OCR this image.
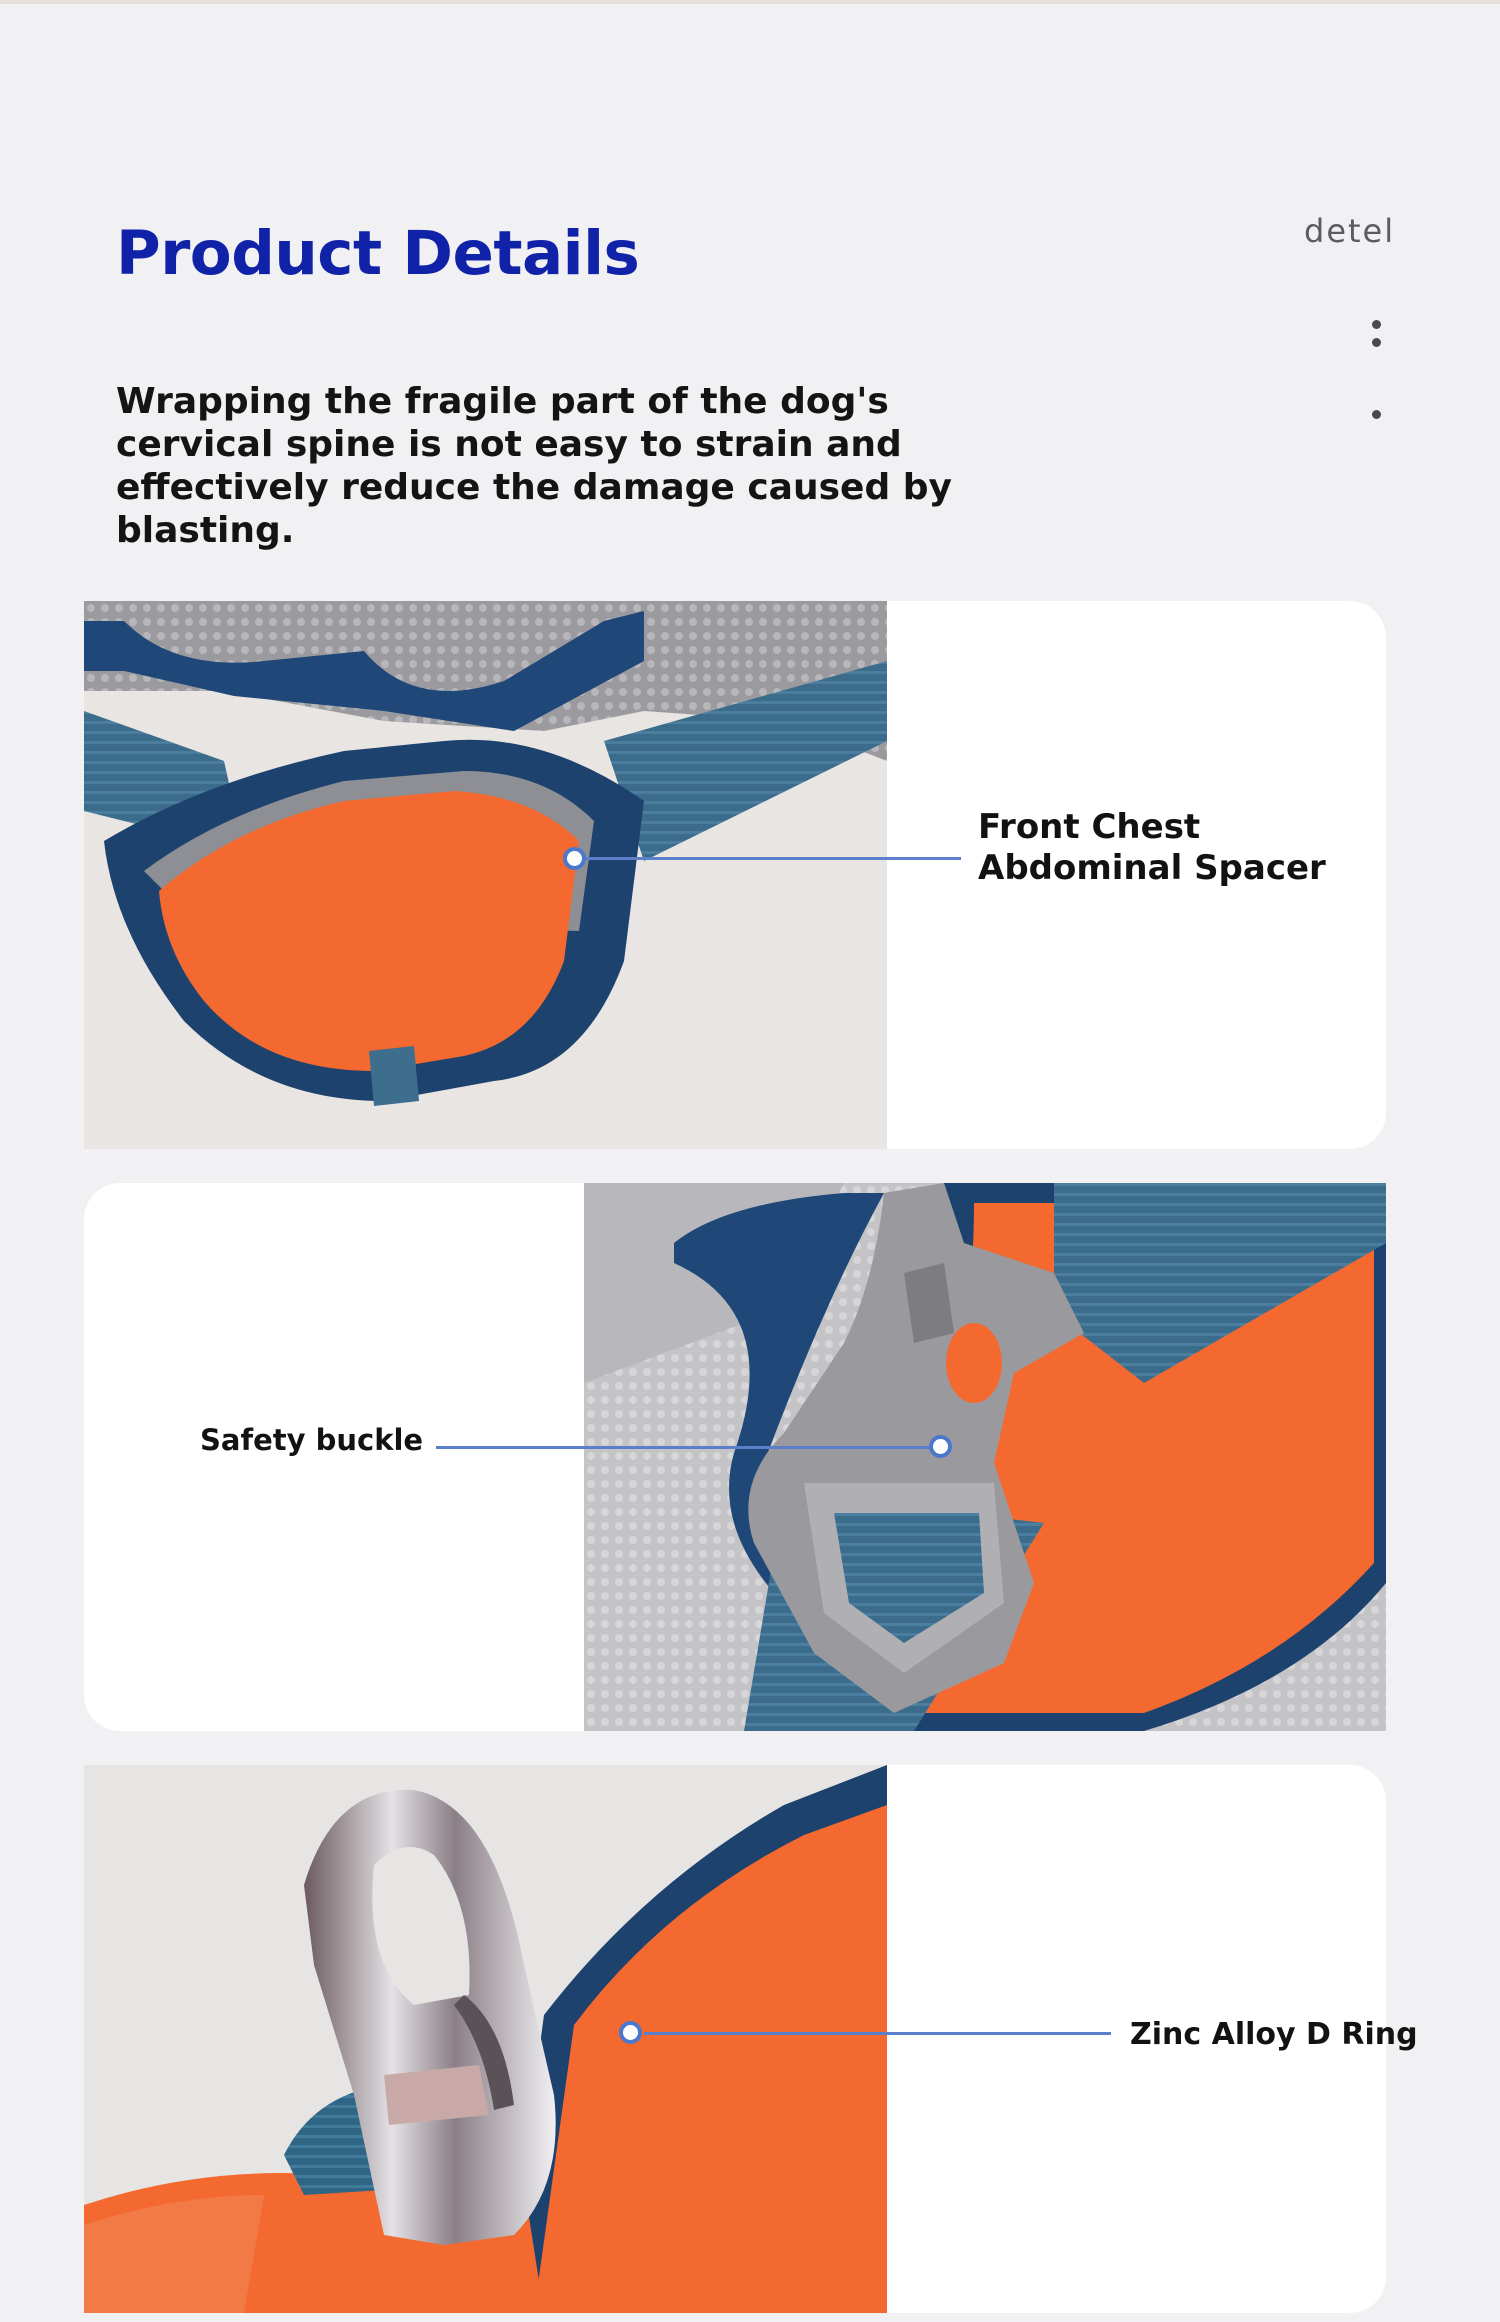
Product Details	detel
Wrapping the fragile part of the dog's cervical spine is not easy to strain and effectively reduce the damage caused by blasting.
Front Chest
Abdominal Spacer
Safety buckle
Zinc Alloy D Ring
